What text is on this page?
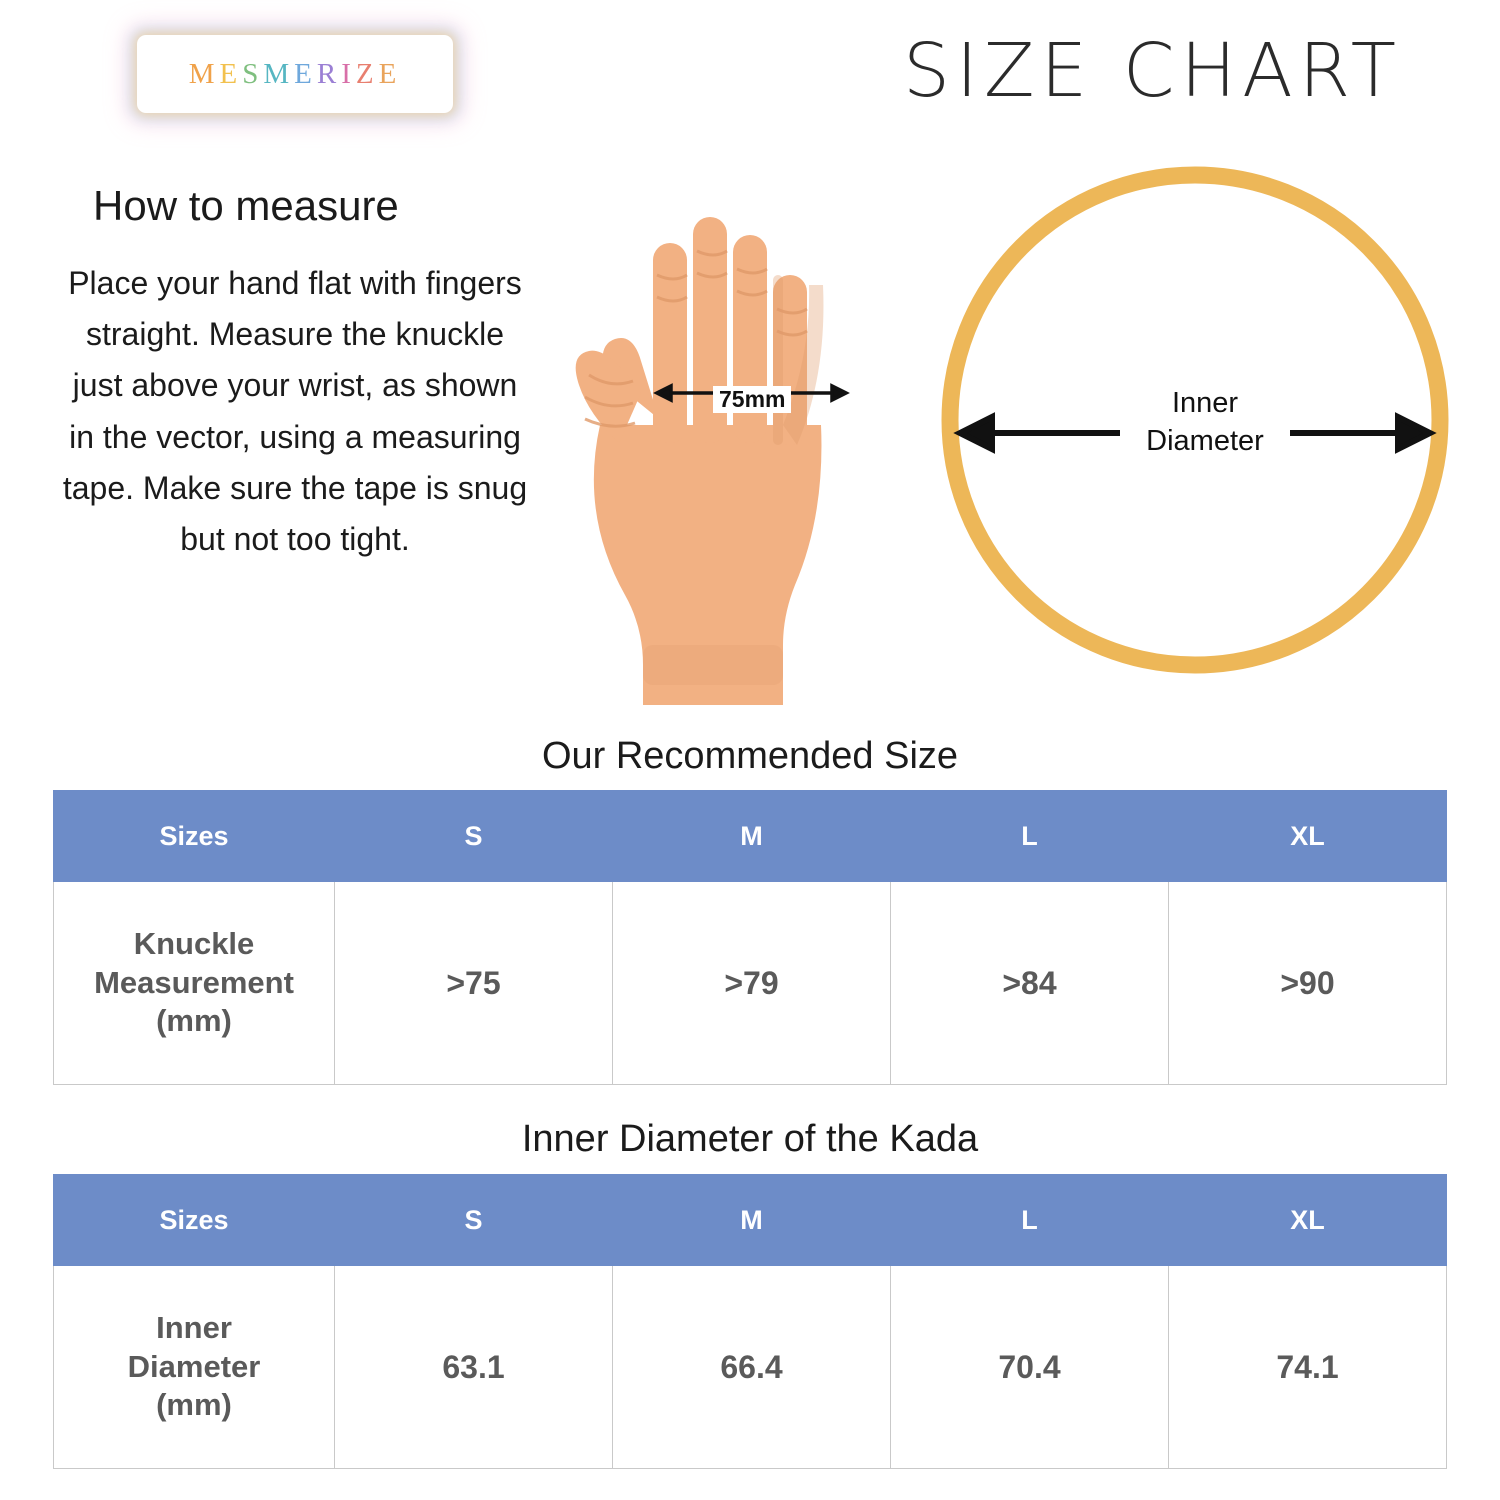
MESMERIZE	SIZE CHART
How to measure
Place your hand flat with fingers straight. Measure the knuckle just above your wrist, as shown in the vector, using a measuring tape. Make sure the tape is snug but not too tight.
75mm	Inner
Diameter
Our Recommended Size
Sizes	S	M	L	XL

Knuckle
Measurement
(mm)	>75	>79	>84	>90
Inner Diameter of the Kada
Sizes	S	M	L	XL

Inner
Diameter
(mm)	63.1	66.4	70.4	74.1
